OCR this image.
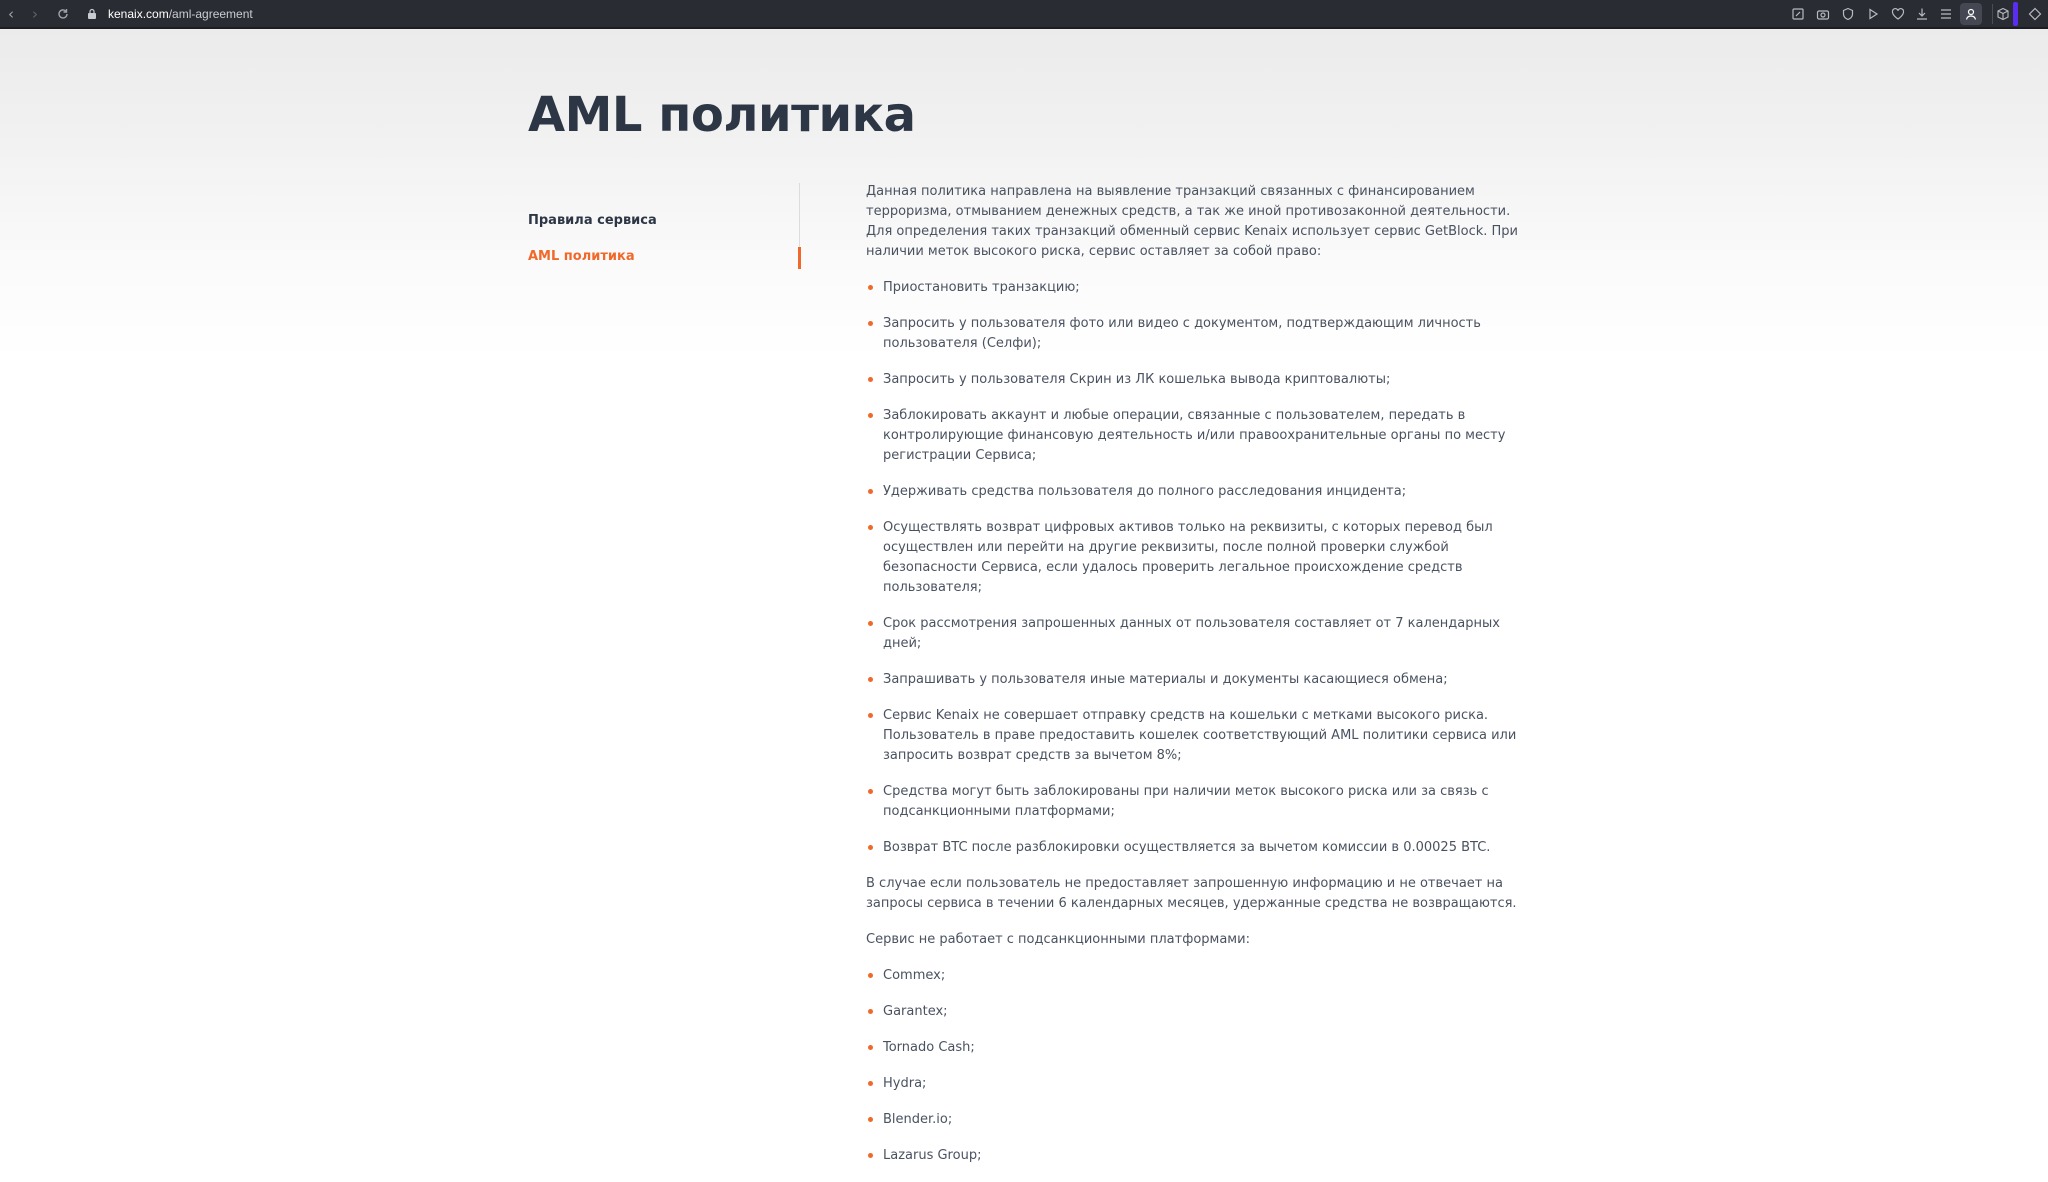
‹	›	kenaix.com/aml-agreement
AML политика
Правила сервиса
AML политика

Данная политика направлена на выявление транзакций связанных с финансированием терроризма, отмыванием денежных средств, а так же иной противозаконной деятельности. Для определения таких транзакций обменный сервис Kenaix использует сервис GetBlock. При наличии меток высокого риска, сервис оставляет за собой право:

Приостановить транзакцию;
Запросить у пользователя фото или видео с документом, подтверждающим личность пользователя (Селфи);
Запросить у пользователя Скрин из ЛК кошелька вывода криптовалюты;
Заблокировать аккаунт и любые операции, связанные с пользователем, передать в контролирующие финансовую деятельность и/или правоохранительные органы по месту регистрации Сервиса;
Удерживать средства пользователя до полного расследования инцидента;
Осуществлять возврат цифровых активов только на реквизиты, с которых перевод был осуществлен или перейти на другие реквизиты, после полной проверки службой безопасности Сервиса, если удалось проверить легальное происхождение средств пользователя;
Срок рассмотрения запрошенных данных от пользователя составляет от 7 календарных дней;
Запрашивать у пользователя иные материалы и документы касающиеся обмена;
Сервис Kenaix не совершает отправку средств на кошельки с метками высокого риска. Пользователь в праве предоставить кошелек соответствующий AML политики сервиса или запросить возврат средств за вычетом 8%;
Средства могут быть заблокированы при наличии меток высокого риска или за связь с подсанкционными платформами;
Возврат BTC после разблокировки осуществляется за вычетом комиссии в 0.00025 BTC.

В случае если пользователь не предоставляет запрошенную информацию и не отвечает на запросы сервиса в течении 6 календарных месяцев, удержанные средства не возвращаются.

Сервис не работает с подсанкционными платформами:

Commex;
Garantex;
Tornado Cash;
Hydra;
Blender.io;
Lazarus Group;
